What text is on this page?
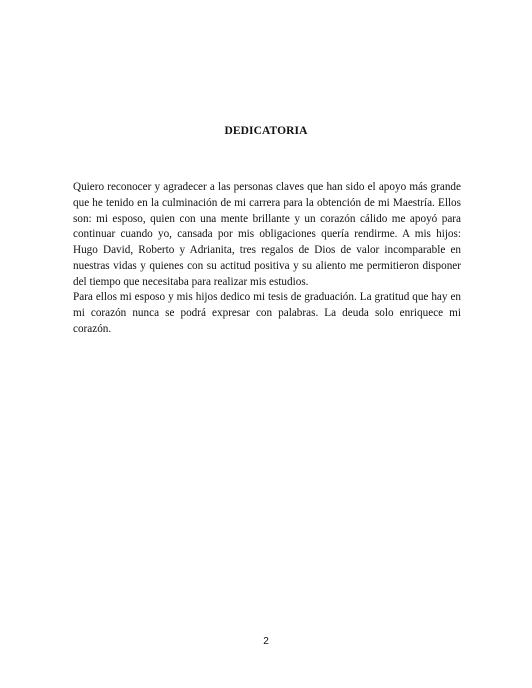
DEDICATORIA

Quiero reconocer y agradecer a las personas claves que han sido el apoyo más grande que he tenido en la culminación de mi carrera para la obtención de mi Maestría. Ellos son: mi esposo, quien con una mente brillante y un corazón cálido me apoyó para continuar cuando yo, cansada por mis obligaciones quería rendirme. A mis hijos: Hugo David, Roberto y Adrianita, tres regalos de Dios de valor incomparable en nuestras vidas y quienes con su actitud positiva y su aliento me permitieron disponer del tiempo que necesitaba para realizar mis estudios.

Para ellos mi esposo y mis hijos dedico mi tesis de graduación. La gratitud que hay en mi corazón nunca se podrá expresar con palabras. La deuda solo enriquece mi corazón.

2
